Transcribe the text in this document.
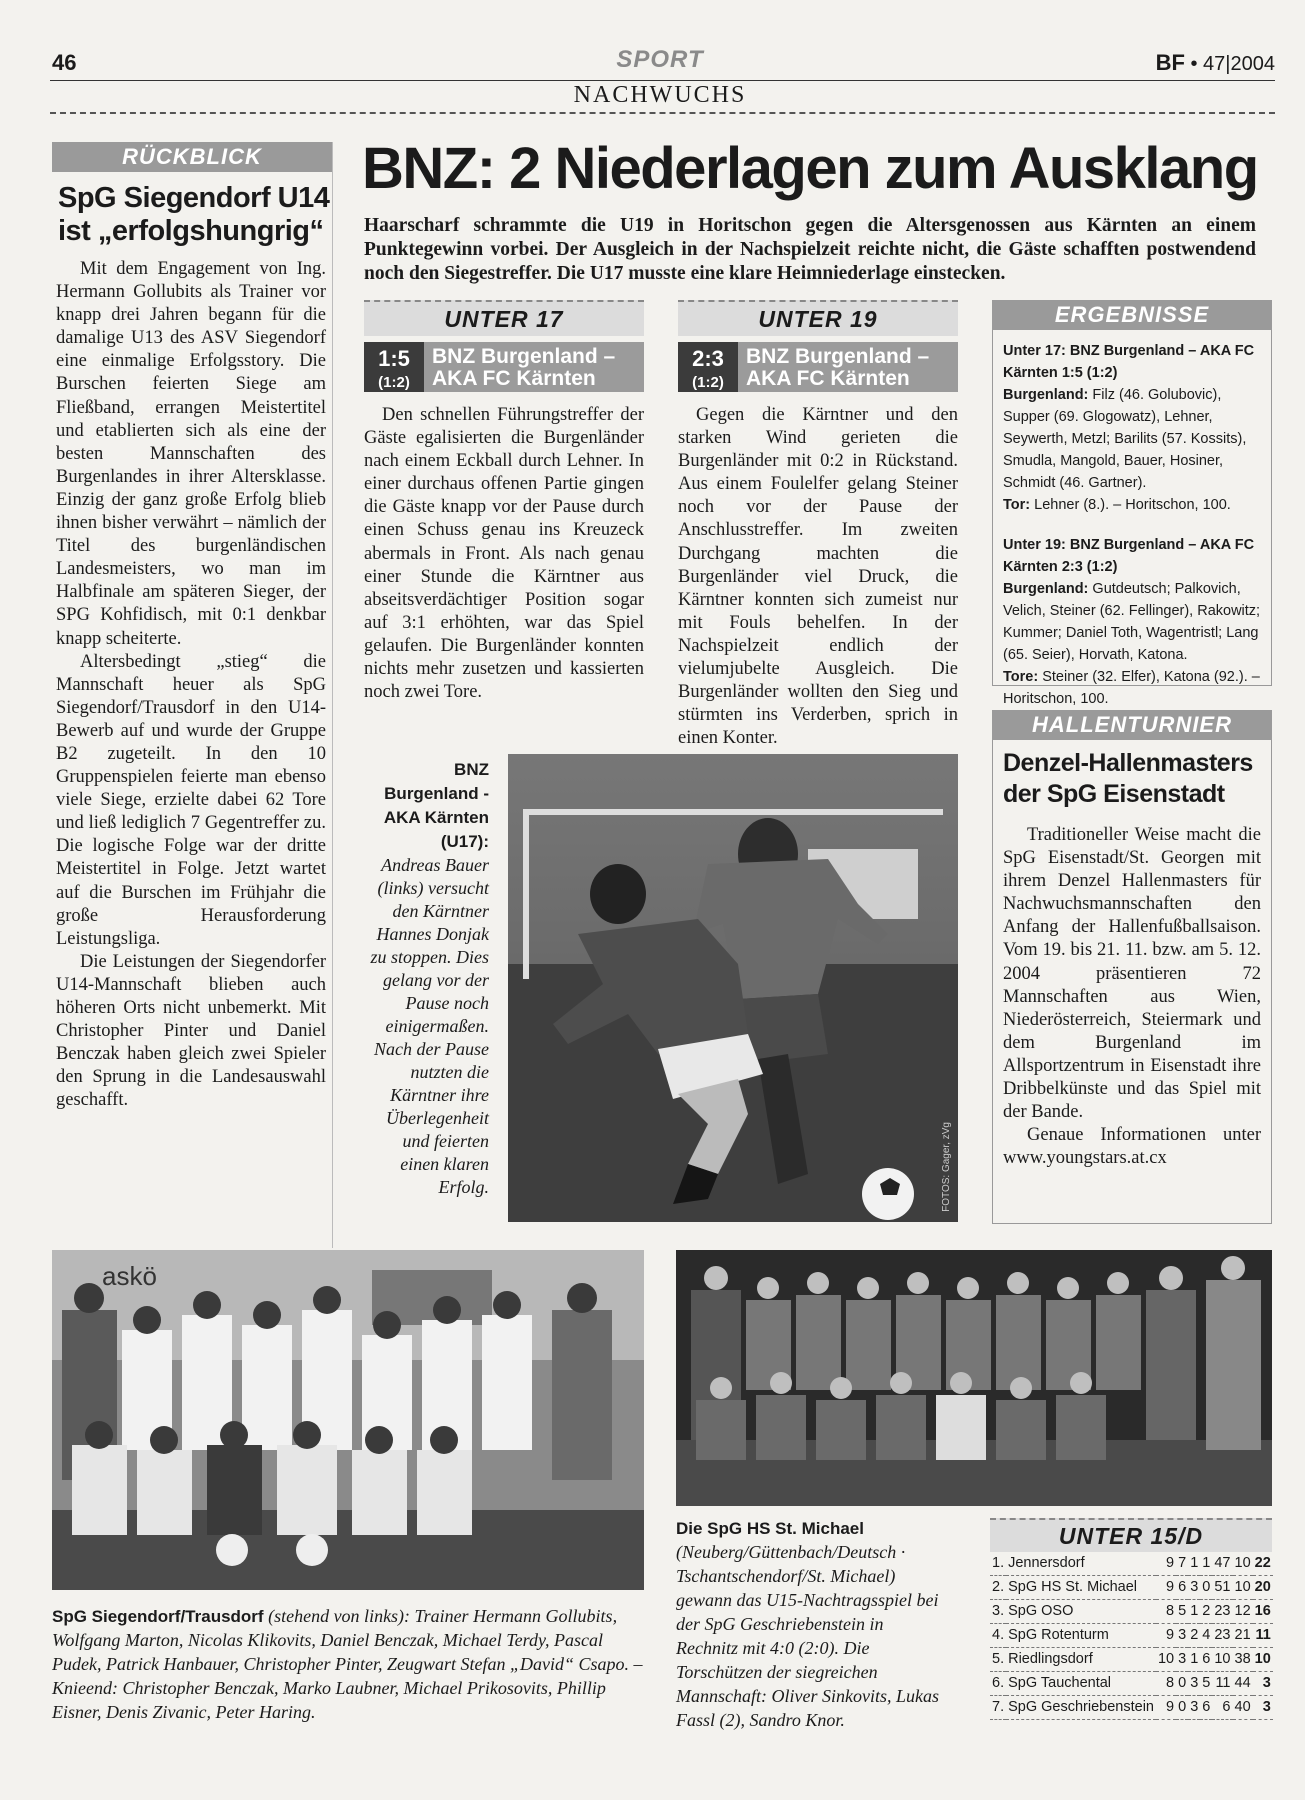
46	SPORT	BF • 47|2004
NACHWUCHS
RÜCKBLICK
SpG Siegendorf U14
ist „erfolgshungrig“

Mit dem Engagement von Ing. Hermann Gollubits als Trainer vor knapp drei Jahren begann für die damalige U13 des ASV Siegendorf eine einmalige Erfolgsstory. Die Burschen feierten Siege am Fließband, errangen Meistertitel und etablierten sich als eine der besten Mannschaften des Burgenlandes in ihrer Altersklasse. Einzig der ganz große Erfolg blieb ihnen bisher verwährt – nämlich der Titel des burgenländischen Landesmeisters, wo man im Halbfinale am späteren Sieger, der SPG Kohfidisch, mit 0:1 denkbar knapp scheiterte.

Altersbedingt „stieg“ die Mannschaft heuer als SpG Siegendorf/Trausdorf in den U14-Bewerb auf und wurde der Gruppe B2 zugeteilt. In den 10 Gruppenspielen feierte man ebenso viele Siege, erzielte dabei 62 Tore und ließ lediglich 7 Gegentreffer zu. Die logische Folge war der dritte Meistertitel in Folge. Jetzt wartet auf die Burschen im Frühjahr die große Herausforderung Leistungsliga.

Die Leistungen der Siegendorfer U14-Mannschaft blieben auch höheren Orts nicht unbemerkt. Mit Christopher Pinter und Daniel Benczak haben gleich zwei Spieler den Sprung in die Landesauswahl geschafft.

BNZ: 2 Niederlagen zum Ausklang
Haarscharf schrammte die U19 in Horitschon gegen die Altersgenossen aus Kärnten an einem Punktegewinn vorbei. Der Ausgleich in der Nachspielzeit reichte nicht, die Gäste schafften postwendend noch den Siegestreffer. Die U17 musste eine klare Heimniederlage einstecken.
UNTER 17
1:5
(1:2)
BNZ Burgenland –
AKA FC Kärnten

Den schnellen Führungstreffer der Gäste egalisierten die Burgenländer nach einem Eckball durch Lehner. In einer durchaus offenen Partie gingen die Gäste knapp vor der Pause durch einen Schuss genau ins Kreuzeck abermals in Front. Als nach genau einer Stunde die Kärntner aus abseitsverdächtiger Position sogar auf 3:1 erhöhten, war das Spiel gelaufen. Die Burgenländer konnten nichts mehr zusetzen und kassierten noch zwei Tore.

UNTER 19
2:3
(1:2)
BNZ Burgenland –
AKA FC Kärnten

Gegen die Kärntner und den starken Wind gerieten die Burgenländer mit 0:2 in Rückstand. Aus einem Foulelfer gelang Steiner noch vor der Pause der Anschlusstreffer. Im zweiten Durchgang machten die Burgenländer viel Druck, die Kärntner konnten sich zumeist nur mit Fouls behelfen. In der Nachspielzeit endlich der vielumjubelte Ausgleich. Die Burgenländer wollten den Sieg und stürmten ins Verderben, sprich in einen Konter.

ERGEBNISSE

Unter 17: BNZ Burgenland – AKA FC Kärnten 1:5 (1:2)
Burgenland: Filz (46. Golubovic), Supper (69. Glogowatz), Lehner, Seywerth, Metzl; Barilits (57. Kossits), Smudla, Mangold, Bauer, Hosiner, Schmidt (46. Gartner).
Tor: Lehner (8.). – Horitschon, 100.

Unter 19: BNZ Burgenland – AKA FC Kärnten 2:3 (1:2)
Burgenland: Gutdeutsch; Palkovich, Velich, Steiner (62. Fellinger), Rakowitz; Kummer; Daniel Toth, Wagentristl; Lang (65. Seier), Horvath, Katona.
Tore: Steiner (32. Elfer), Katona (92.). – Horitschon, 100.

BNZ Burgenland - AKA Kärnten (U17):
Andreas Bauer (links) versucht den Kärntner Hannes Donjak zu stoppen. Dies gelang vor der Pause noch einigermaßen. Nach der Pause nutzten die Kärntner ihre Überlegenheit und feierten einen klaren Erfolg.	FOTOS: Gager, zVg
HALLENTURNIER
Denzel-Hallenmasters
der SpG Eisenstadt

Traditioneller Weise macht die SpG Eisenstadt/St. Georgen mit ihrem Denzel Hallenmasters für Nachwuchsmannschaften den Anfang der Hallenfußballsaison. Vom 19. bis 21. 11. bzw. am 5. 12. 2004 präsentieren 72 Mannschaften aus Wien, Niederösterreich, Steiermark und dem Burgenland im Allsportzentrum in Eisenstadt ihre Dribbelkünste und das Spiel mit der Bande.

Genaue Informationen unter www.youngstars.at.cx

askö
SpG Siegendorf/Trausdorf (stehend von links): Trainer Hermann Gollubits, Wolfgang Marton, Nicolas Klikovits, Daniel Benczak, Michael Terdy, Pascal Pudek, Patrick Hanbauer, Christopher Pinter, Zeugwart Stefan „David“ Csapo. – Knieend: Christopher Benczak, Marko Laubner, Michael Prikosovits, Phillip Eisner, Denis Zivanic, Peter Haring.
Die SpG HS St. Michael (Neuberg/Güttenbach/Deutsch · Tschantschendorf/St. Michael) gewann das U15-Nachtragsspiel bei der SpG Geschriebenstein in Rechnitz mit 4:0 (2:0). Die Torschützen der siegreichen Mannschaft: Oliver Sinkovits, Lukas Fassl (2), Sandro Knor.
UNTER 15/D
1.	Jennersdorf	9	7	1	1	47	10	22
2.	SpG HS St. Michael	9	6	3	0	51	10	20
3.	SpG OSO	8	5	1	2	23	12	16
4.	SpG Rotenturm	9	3	2	4	23	21	11
5.	Riedlingsdorf	10	3	1	6	10	38	10
6.	SpG Tauchental	8	0	3	5	11	44	3
7.	SpG Geschriebenstein	9	0	3	6	6	40	3
